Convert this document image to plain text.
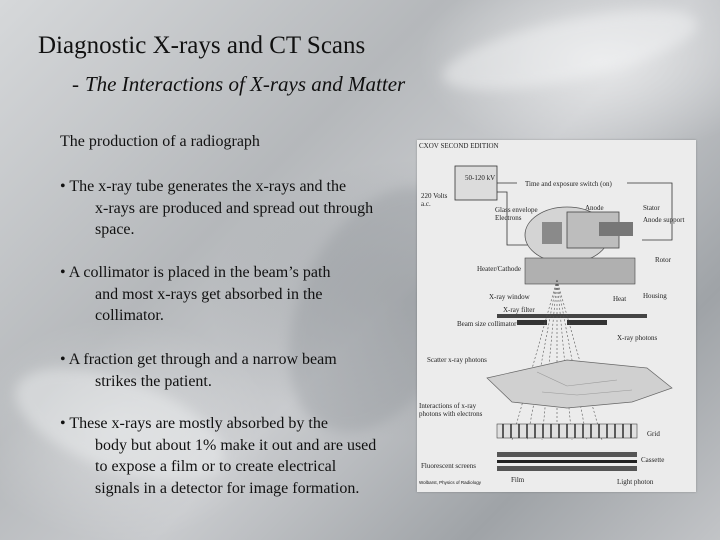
Diagnostic X-rays and CT Scans
- The Interactions of X-rays and Matter
The production of a radiograph
• The x-ray tube generates the x-rays and the
x-rays are produced and spread out through space.
• A collimator is placed in the beam’s path
and most x-rays get absorbed in the collimator.
• A fraction get through and a narrow beam
strikes the patient.
• These x-rays are mostly absorbed by the
body but about 1% make it out and are used to expose a film or to create electrical signals in a detector for image formation.
CXOV SECOND EDITION
50-120 kV
220 Volts
a.c.
Time and exposure switch (on)
Glass envelope
Electrons
Anode	Stator
Anode support
Heater/Cathode
Rotor
X-ray window	Heat Housing
X-ray filter
Beam size collimator
X-ray photons
Scatter x-ray photons
Interactions of x-ray photons with electrons
Grid
Fluorescent screens
Cassette
Film	Light photon
Wolbarst, Physics of Radiology
